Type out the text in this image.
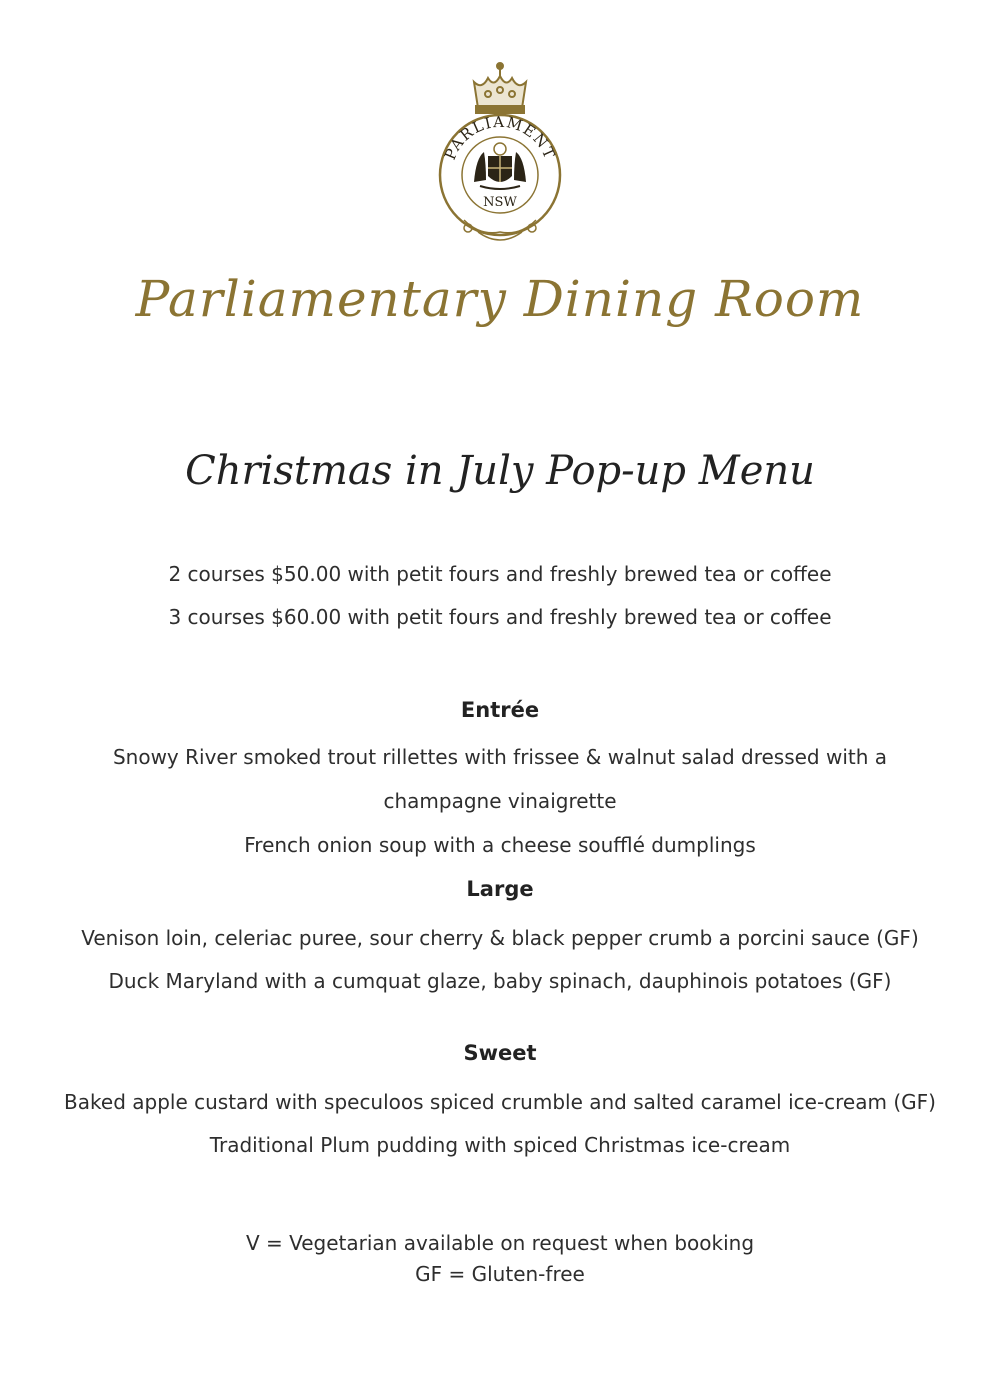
PARLIAMENT
NSW
Parliamentary Dining Room
Christmas in July Pop-up Menu
2 courses $50.00 with petit fours and freshly brewed tea or coffee
3 courses $60.00 with petit fours and freshly brewed tea or coffee
Entrée
Snowy River smoked trout rillettes with frissee & walnut salad dressed with a
champagne vinaigrette
French onion soup with a cheese soufflé dumplings
Large
Venison loin, celeriac puree, sour cherry & black pepper crumb a porcini sauce (GF)
Duck Maryland with a cumquat glaze, baby spinach, dauphinois potatoes (GF)
Sweet
Baked apple custard with speculoos spiced crumble and salted caramel ice-cream (GF)
Traditional Plum pudding with spiced Christmas ice-cream
V = Vegetarian available on request when booking
GF = Gluten-free
